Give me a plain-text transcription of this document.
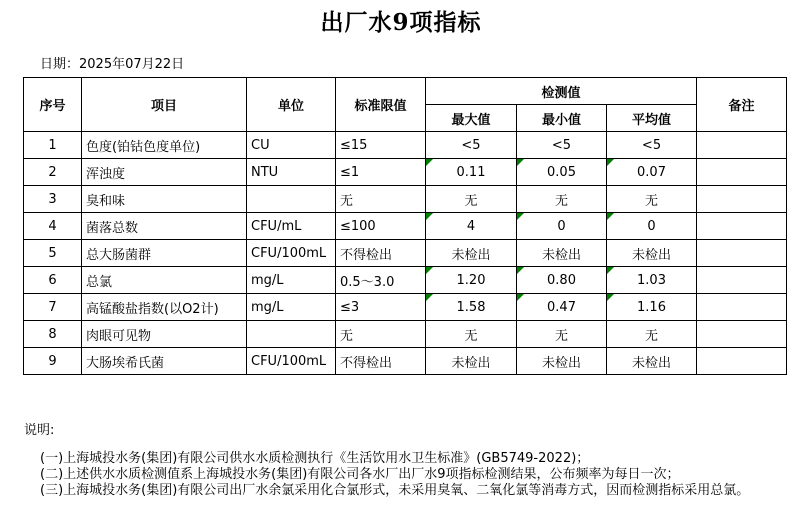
出厂水9项指标
日期：2025年07月22日
序号	项目	单位	标准限值	检测值			备注
				最大值	最小值	平均值	
1	色度(铂钴色度单位)	CU	≤15	<5	<5	<5	
2	浑浊度	NTU	≤1	0.11	0.05	0.07	
3	臭和味		无	无	无	无	
4	菌落总数	CFU/mL	≤100	4	0	0	
5	总大肠菌群	CFU/100mL	不得检出	未检出	未检出	未检出	
6	总氯	mg/L	0.5～3.0	1.20	0.80	1.03	
7	高锰酸盐指数(以O2计)	mg/L	≤3	1.58	0.47	1.16	
8	肉眼可见物		无	无	无	无	
9	大肠埃希氏菌	CFU/100mL	不得检出	未检出	未检出	未检出	
说明:
(一)上海城投水务(集团)有限公司供水水质检测执行《生活饮用水卫生标准》(GB5749-2022)；
(二)上述供水水质检测值系上海城投水务(集团)有限公司各水厂出厂水9项指标检测结果，公布频率为每日一次；
(三)上海城投水务(集团)有限公司出厂水余氯采用化合氯形式，未采用臭氧、二氧化氯等消毒方式，因而检测指标采用总氯。
